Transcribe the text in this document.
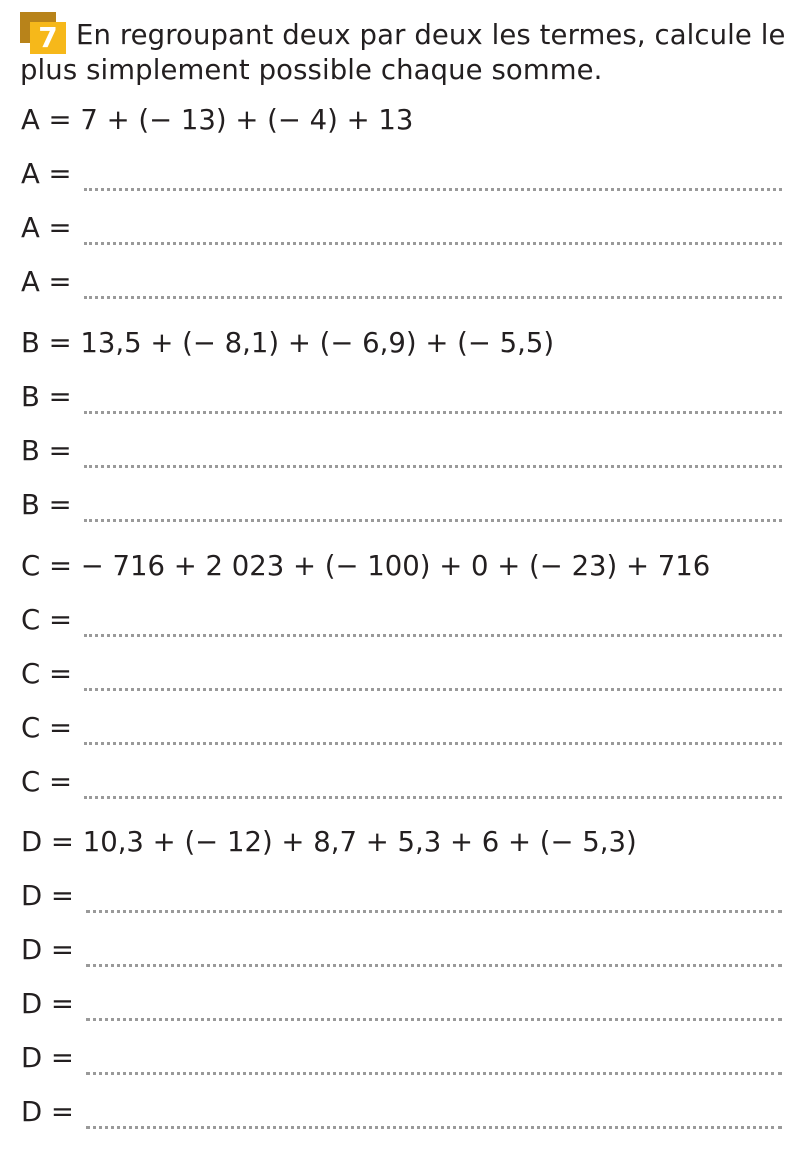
7 En regroupant deux par deux les termes, calcule le plus simplement possible chaque somme.

A = 7 + (− 13) + (− 4) + 13
A =
A =
A =
B = 13,5 + (− 8,1) + (− 6,9) + (− 5,5)
B =
B =
B =
C = − 716 + 2 023 + (− 100) + 0 + (− 23) + 716
C =
C =
C =
C =
D = 10,3 + (− 12) + 8,7 + 5,3 + 6 + (− 5,3)
D =
D =
D =
D =
D =
